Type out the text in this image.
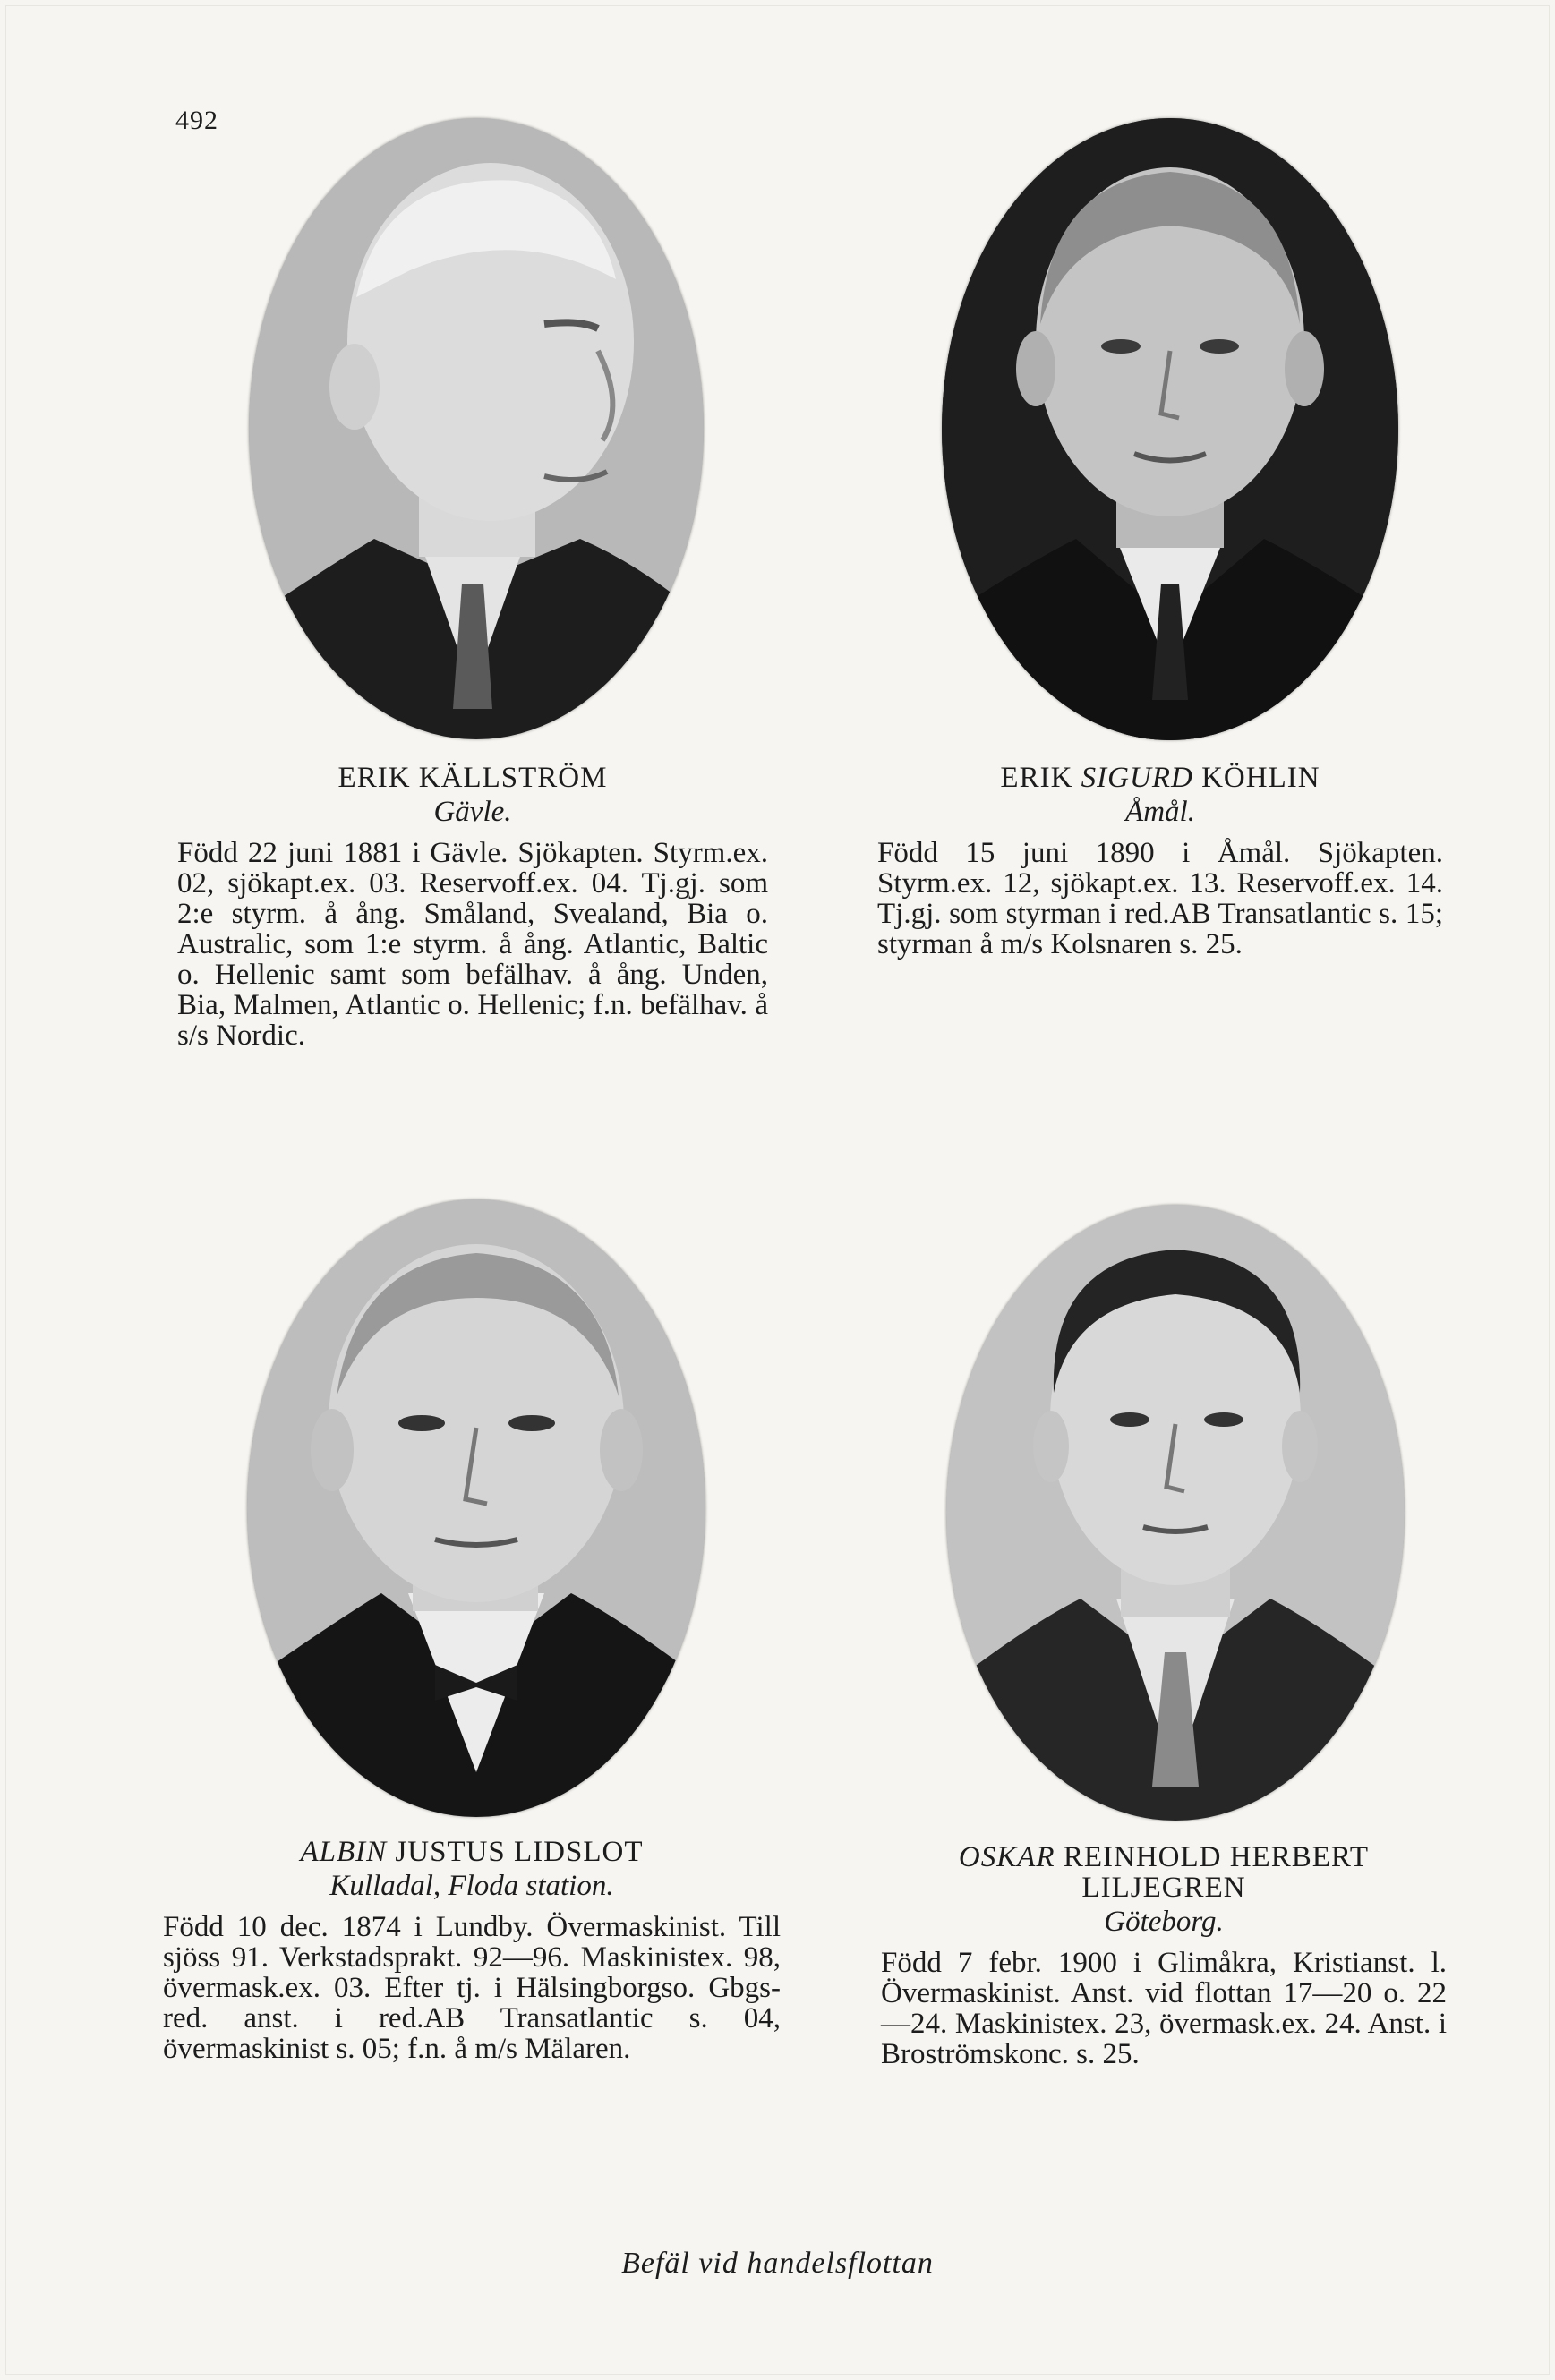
492
ERIK KÄLLSTRÖM
Gävle.
Född 22 juni 1881 i Gävle. Sjökapten. Styrm.ex. 02, sjökapt.ex. 03. Reservoff.ex. 04. Tj.gj. som 2:e styrm. å ång. Småland, Svealand, Bia o. Australic, som 1:e styrm. å ång. Atlantic, Baltic o. Hellenic samt som befälhav. å ång. Unden, Bia, Malmen, Atlantic o. Hellenic; f.n. befälhav. å s/s Nordic.
ERIK SIGURD KÖHLIN
Åmål.
Född 15 juni 1890 i Åmål. Sjökapten. Styrm.ex. 12, sjökapt.ex. 13. Reservoff.ex. 14. Tj.gj. som styrman i red.AB Transatlantic s. 15; styrman å m/s Kolsnaren s. 25.
ALBIN JUSTUS LIDSLOT
Kulladal, Floda station.
Född 10 dec. 1874 i Lundby. Övermaskinist. Till sjöss 91. Verkstadsprakt. 92—96. Maskinistex. 98, övermask.ex. 03. Efter tj. i Hälsingborgso. Gbgs-red. anst. i red.AB Transatlantic s. 04, övermaskinist s. 05; f.n. å m/s Mälaren.
OSKAR REINHOLD HERBERT
LILJEGREN
Göteborg.
Född 7 febr. 1900 i Glimåkra, Kristianst. l. Övermaskinist. Anst. vid flottan 17—20 o. 22—24. Maskinistex. 23, övermask.ex. 24. Anst. i Broströmskonc. s. 25.
Befäl vid handelsflottan
